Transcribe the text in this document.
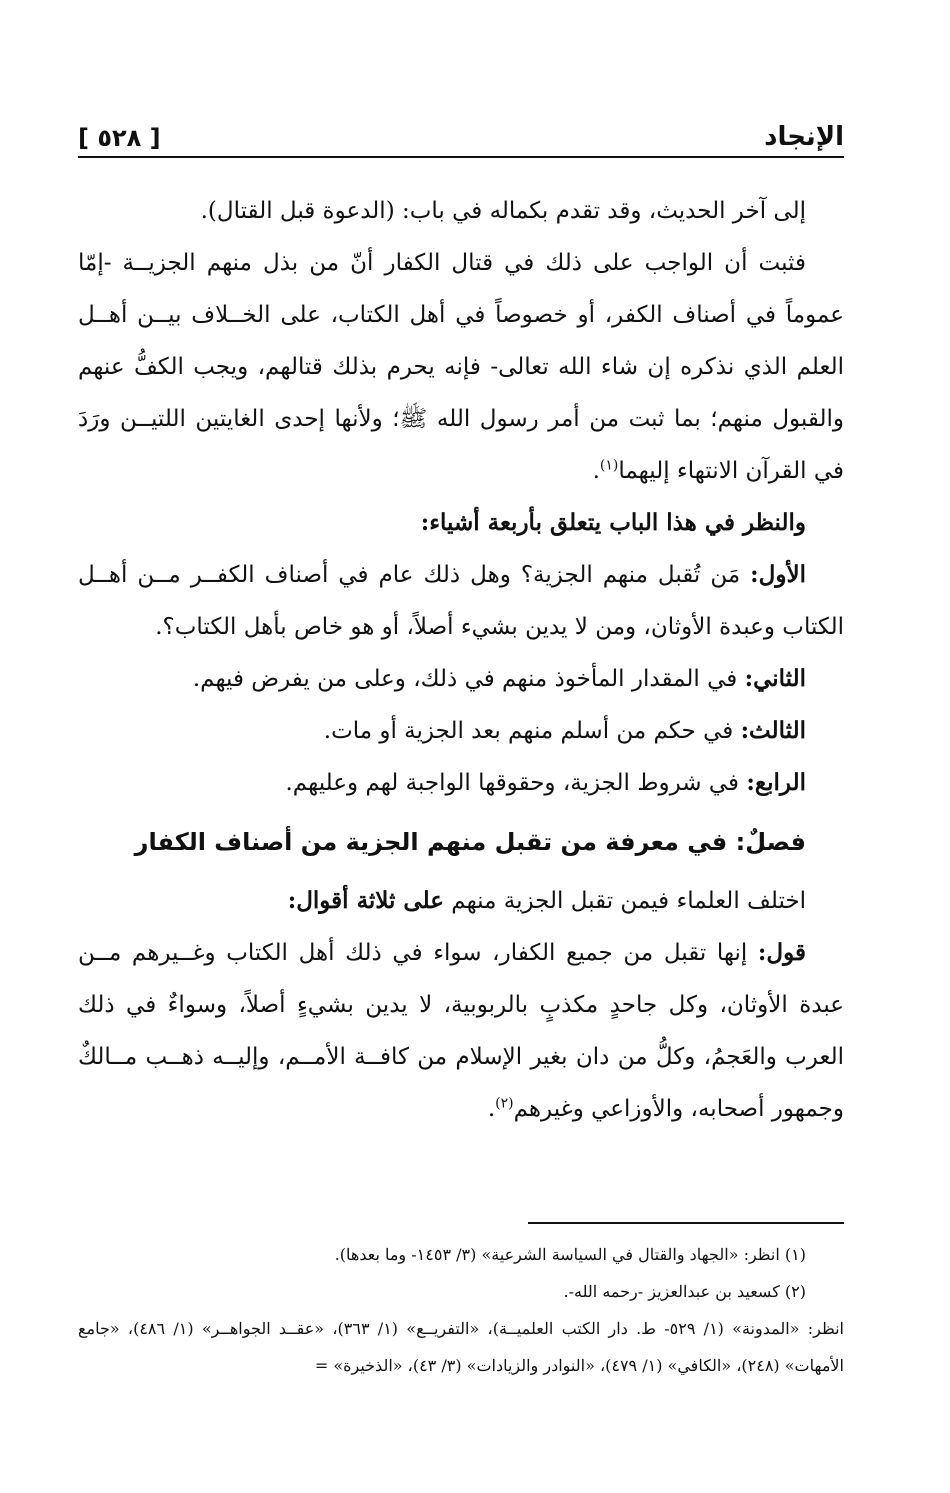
الإنجاد
[ ٥٢٨ ]

إلى آخر الحديث، وقد تقدم بكماله في باب: (الدعوة قبل القتال).

فثبت أن الواجب على ذلك في قتال الكفار أنّ من بذل منهم الجزيــة -إمّا عموماً في أصناف الكفر، أو خصوصاً في أهل الكتاب، على الخــلاف بيــن أهــل العلم الذي نذكره إن شاء الله تعالى- فإنه يحرم بذلك قتالهم، ويجب الكفُّ عنهم والقبول منهم؛ بما ثبت من أمر رسول الله ﷺ؛ ولأنها إحدى الغايتين اللتيــن ورَدَ في القرآن الانتهاء إليهما$^{(١)}$.

والنظر في هذا الباب يتعلق بأربعة أشياء:

الأول: مَن تُقبل منهم الجزية؟ وهل ذلك عام في أصناف الكفــر مــن أهــل الكتاب وعبدة الأوثان، ومن لا يدين بشيء أصلاً، أو هو خاص بأهل الكتاب؟.

الثاني: في المقدار المأخوذ منهم في ذلك، وعلى من يفرض فيهم.

الثالث: في حكم من أسلم منهم بعد الجزية أو مات.

الرابع: في شروط الجزية، وحقوقها الواجبة لهم وعليهم.

فصلٌ: في معرفة من تقبل منهم الجزية من أصناف الكفار

اختلف العلماء فيمن تقبل الجزية منهم على ثلاثة أقوال:

قول: إنها تقبل من جميع الكفار، سواء في ذلك أهل الكتاب وغــيرهم مــن عبدة الأوثان، وكل جاحدٍ مكذبٍ بالربوبية، لا يدين بشيءٍ أصلاً، وسواءٌ في ذلك العرب والعَجمُ، وكلُّ من دان بغير الإسلام من كافــة الأمــم، وإليــه ذهــب مــالكٌ وجمهور أصحابه، والأوزاعي وغيرهم$^{(٢)}$.

(١) انظر: «الجهاد والقتال في السياسة الشرعية» (٣/ ١٤٥٣- وما بعدها).

(٢) كسعيد بن عبدالعزيز -رحمه الله-.

انظر: «المدونة» (١/ ٥٢٩- ط. دار الكتب العلميــة)، «التفريــع» (١/ ٣٦٣)، «عقــد الجواهــر» (١/ ٤٨٦)، «جامع الأمهات» (٢٤٨)، «الكافي» (١/ ٤٧٩)، «النوادر والزيادات» (٣/ ٤٣)، «الذخيرة» =
